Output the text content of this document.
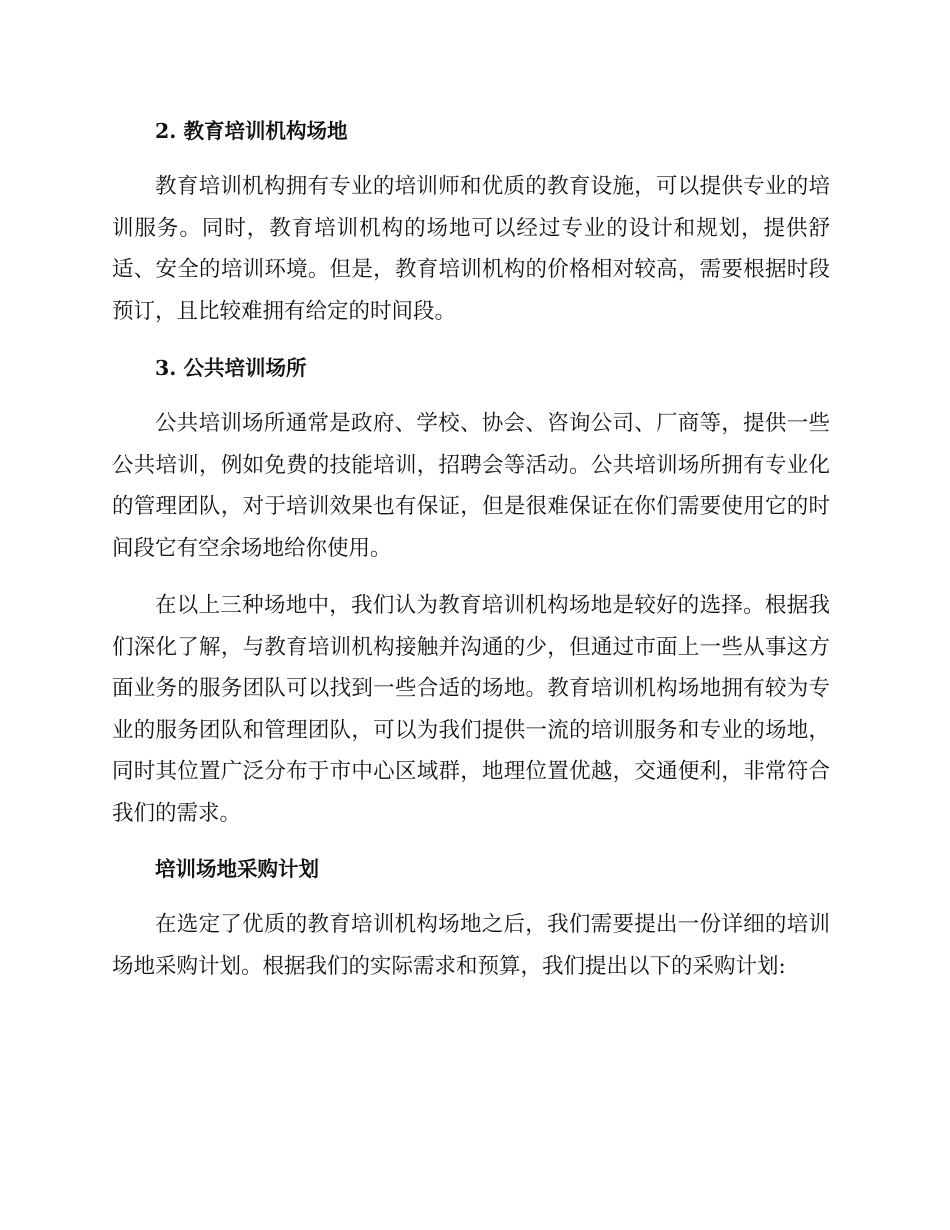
2. 教育培训机构场地

教育培训机构拥有专业的培训师和优质的教育设施，可以提供专业的培训服务。同时，教育培训机构的场地可以经过专业的设计和规划，提供舒适、安全的培训环境。但是，教育培训机构的价格相对较高，需要根据时段预订，且比较难拥有给定的时间段。

3. 公共培训场所

公共培训场所通常是政府、学校、协会、咨询公司、厂商等，提供一些公共培训，例如免费的技能培训，招聘会等活动。公共培训场所拥有专业化的管理团队，对于培训效果也有保证，但是很难保证在你们需要使用它的时间段它有空余场地给你使用。

在以上三种场地中，我们认为教育培训机构场地是较好的选择。根据我们深化了解，与教育培训机构接触并沟通的少，但通过市面上一些从事这方面业务的服务团队可以找到一些合适的场地。教育培训机构场地拥有较为专业的服务团队和管理团队，可以为我们提供一流的培训服务和专业的场地，同时其位置广泛分布于市中心区域群，地理位置优越，交通便利，非常符合我们的需求。

培训场地采购计划

在选定了优质的教育培训机构场地之后，我们需要提出一份详细的培训场地采购计划。根据我们的实际需求和预算，我们提出以下的采购计划:
